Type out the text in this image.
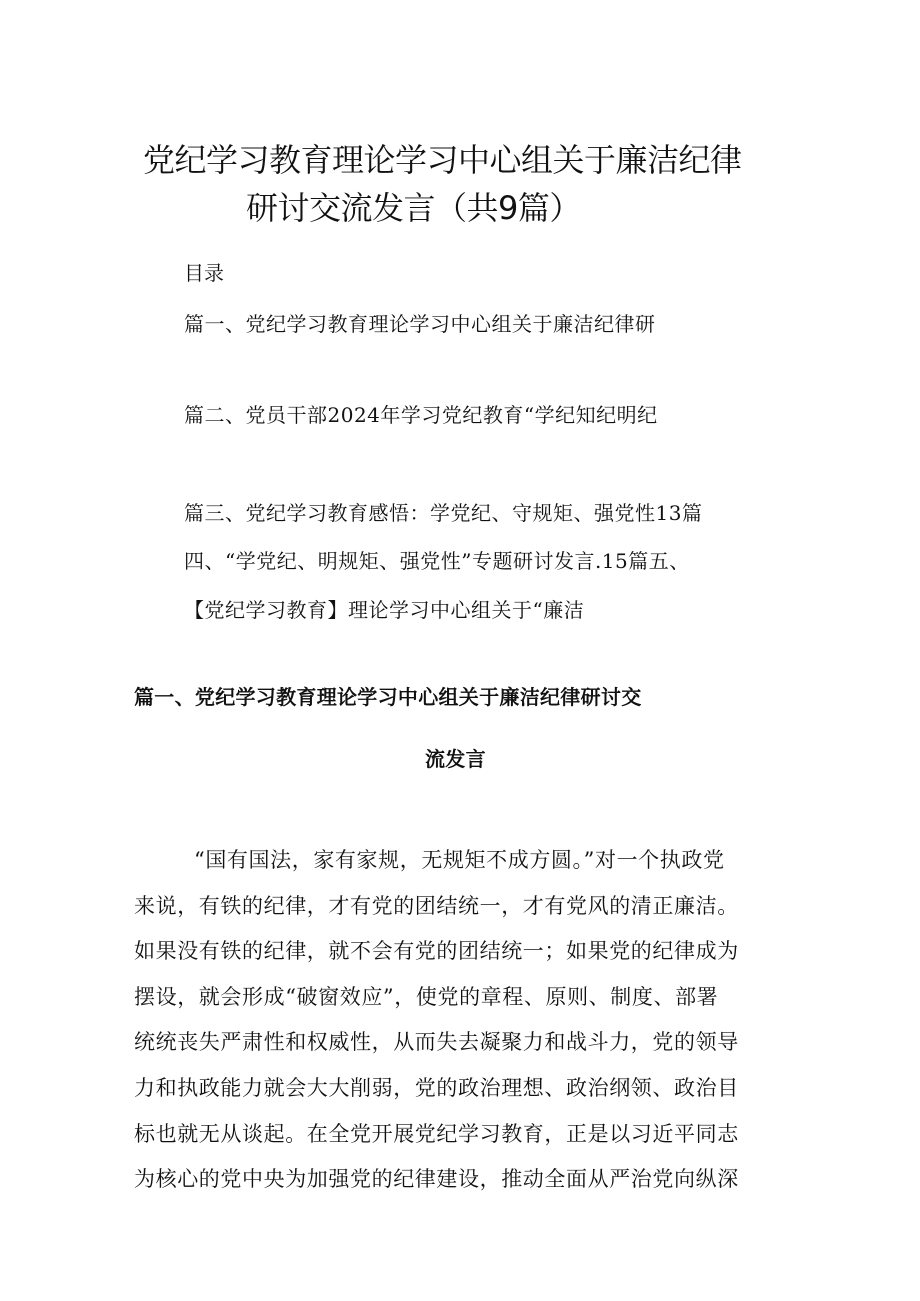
党纪学习教育理论学习中心组关于廉洁纪律
研讨交流发言（共9篇）
目录
篇一、党纪学习教育理论学习中心组关于廉洁纪律研
篇二、党员干部2024年学习党纪教育“学纪知纪明纪
篇三、党纪学习教育感悟：学党纪、守规矩、强党性13篇
四、“学党纪、明规矩、强党性”专题研讨发言.15篇五、
【党纪学习教育】理论学习中心组关于“廉洁
篇一、党纪学习教育理论学习中心组关于廉洁纪律研讨交
流发言
“国有国法，家有家规，无规矩不成方圆。”对一个执政党
来说，有铁的纪律，才有党的团结统一，才有党风的清正廉洁。
如果没有铁的纪律，就不会有党的团结统一；如果党的纪律成为
摆设，就会形成“破窗效应”，使党的章程、原则、制度、部署
统统丧失严肃性和权威性，从而失去凝聚力和战斗力，党的领导
力和执政能力就会大大削弱，党的政治理想、政治纲领、政治目
标也就无从谈起。在全党开展党纪学习教育，正是以习近平同志
为核心的党中央为加强党的纪律建设，推动全面从严治党向纵深
